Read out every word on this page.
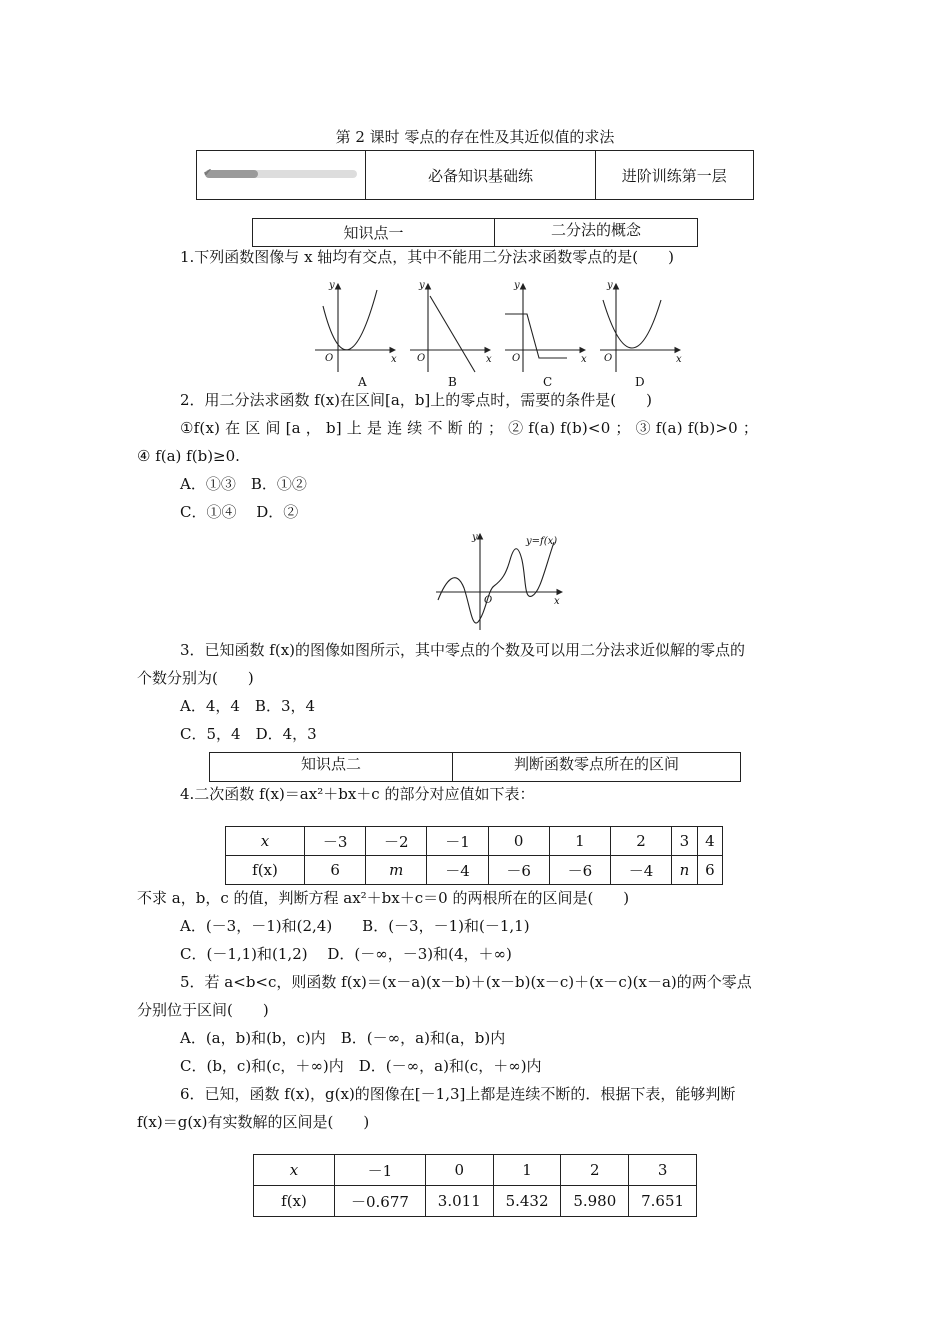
第 2 课时 零点的存在性及其近似值的求法
必备知识基础练	进阶训练第一层
✔
知识点一	二分法的概念
1.下列函数图像与 x 轴均有交点，其中不能用二分法求函数零点的是(　　)
y
x
O
y
x
O
y
x
O
y
x
O
A	B	C	D
2．用二分法求函数 f(x)在区间[a，b]上的零点时，需要的条件是(　　)
①f(x) 在 区 间 [a ， b] 上 是 连 续 不 断 的 ； ② f(a) f(b)<0 ； ③ f(a) f(b)>0 ；
④ f(a) f(b)≥0.
A．①③　B．①②
C．①④　 D．②
y
x
O
y=f(x)
3．已知函数 f(x)的图像如图所示，其中零点的个数及可以用二分法求近似解的零点的
个数分别为(　　)
A．4，4　B．3，4
C．5，4　D．4，3
知识点二	判断函数零点所在的区间
4.二次函数 f(x)＝ax²＋bx＋c 的部分对应值如下表：
x	－3	－2	－1	0	1	2	3	4
f(x)	6	m	－4	－6	－6	－4	n	6
不求 a，b，c 的值，判断方程 ax²＋bx＋c＝0 的两根所在的区间是(　　)
A．(－3，－1)和(2,4)　　B．(－3，－1)和(－1,1)
C．(－1,1)和(1,2)　 D．(－∞，－3)和(4，＋∞)
5．若 a<b<c，则函数 f(x)＝(x－a)(x－b)＋(x－b)(x－c)＋(x－c)(x－a)的两个零点
分别位于区间(　　)
A．(a，b)和(b，c)内　B．(－∞，a)和(a，b)内
C．(b，c)和(c，＋∞)内　D．(－∞，a)和(c，＋∞)内
6．已知，函数 f(x)，g(x)的图像在[－1,3]上都是连续不断的．根据下表，能够判断
f(x)＝g(x)有实数解的区间是(　　)
x	－1	0	1	2	3
f(x)	－0.677	3.011	5.432	5.980	7.651
